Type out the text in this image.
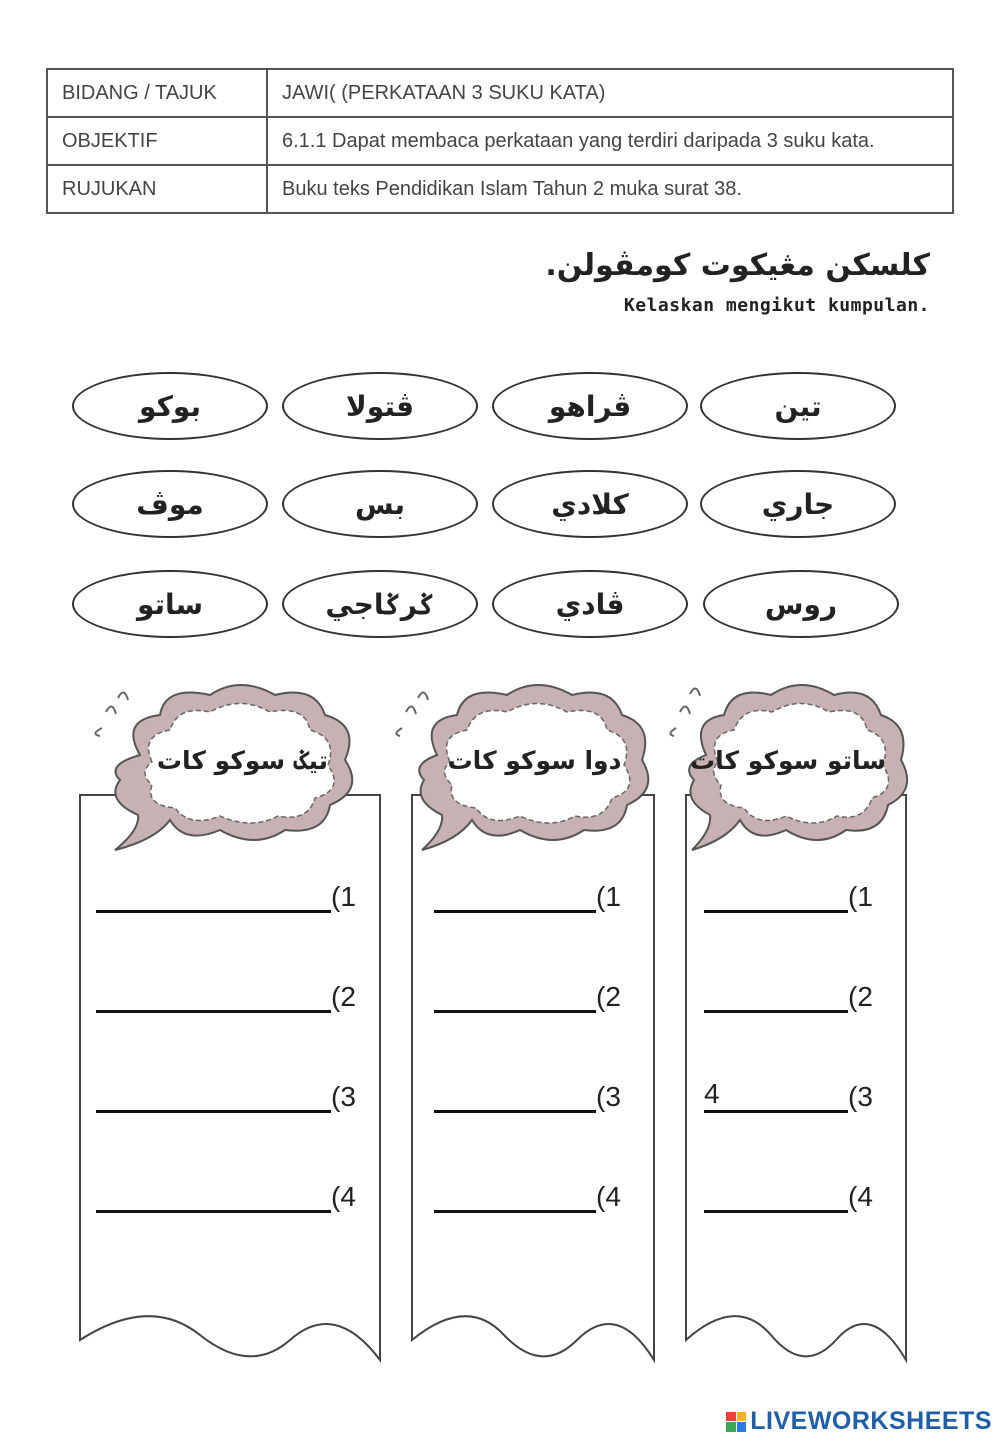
BIDANG / TAJUK	JAWI( (PERKATAAN 3 SUKU KATA)
OBJEKTIF	6.1.1 Dapat membaca perkataan yang terdiri daripada 3 suku kata.
RUJUKAN	Buku teks Pendidikan Islam Tahun 2 muka surat 38.
کلسکن مڠيکوت کومڤولن.
Kelaskan mengikut kumpulan.
بوکو	ڤتولا	ڤراهو	تين
موڤ	بس	کلادي	جاري
ساتو	ݢرݢاجي	ڤادي	روس
تيݢ سوکو کات
(1
(2
(3
(4
دوا سوکو کات
(1
(2
(3
(4
ساتو سوکو کات
(1
(2
4	(3
(4
LIVEWORKSHEETS
